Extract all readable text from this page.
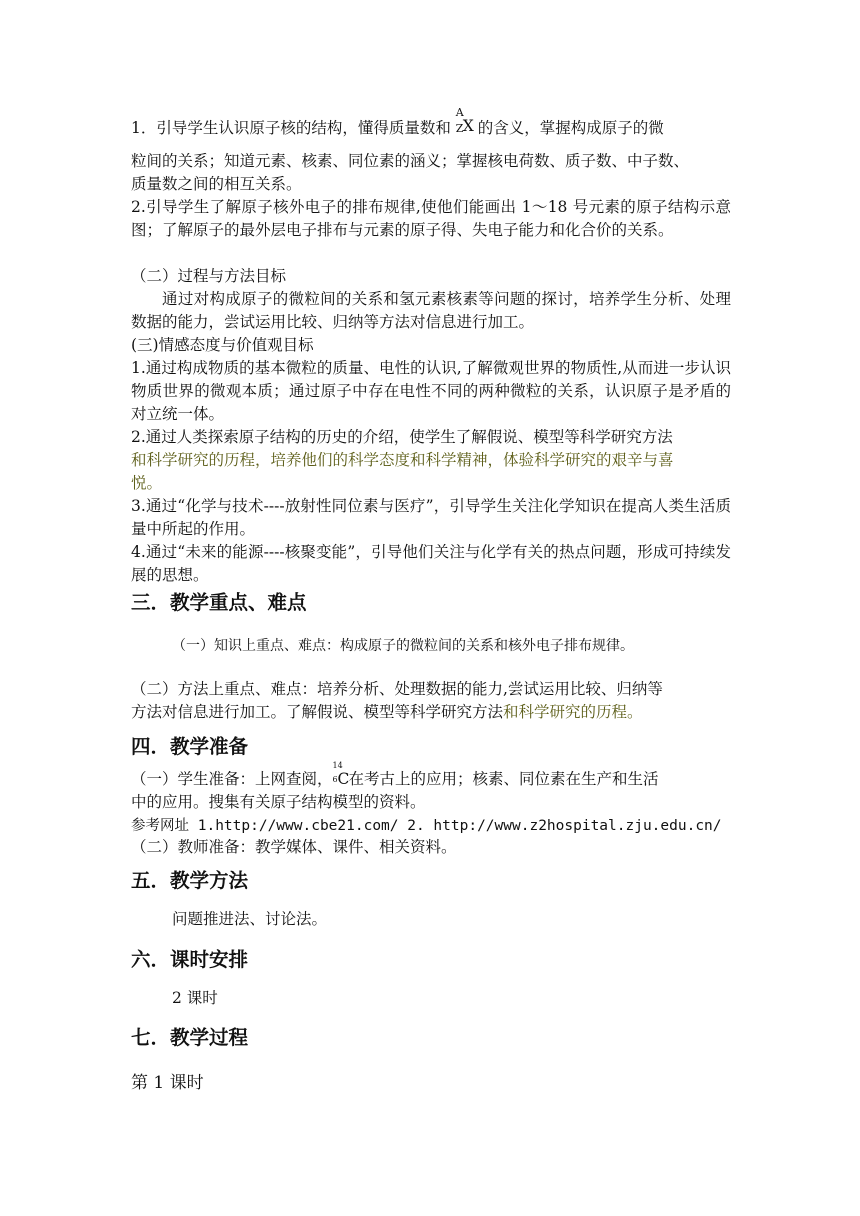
1．引导学生认识原子核的结构，懂得质量数和
A
Z X 的含义，掌握构成原子的微

粒间的关系；知道元素、核素、同位素的涵义；掌握核电荷数、质子数、中子数、

质量数之间的相互关系。

2.引导学生了解原子核外电子的排布规律,使他们能画出 1～18 号元素的原子结构示意图；了解原子的最外层电子排布与元素的原子得、失电子能力和化合价的关系。

（二）过程与方法目标

通过对构成原子的微粒间的关系和氢元素核素等问题的探讨，培养学生分析、处理数据的能力，尝试运用比较、归纳等方法对信息进行加工。

(三)情感态度与价值观目标

1.通过构成物质的基本微粒的质量、电性的认识,了解微观世界的物质性,从而进一步认识物质世界的微观本质；通过原子中存在电性不同的两种微粒的关系，认识原子是矛盾的对立统一体。

2.通过人类探索原子结构的历史的介绍，使学生了解假说、模型等科学研究方法

和科学研究的历程，培养他们的科学态度和科学精神，体验科学研究的艰辛与喜

悦。

3.通过“化学与技术----放射性同位素与医疗”，引导学生关注化学知识在提高人类生活质量中所起的作用。

4.通过“未来的能源----核聚变能”，引导他们关注与化学有关的热点问题，形成可持续发展的思想。

三．教学重点、难点

（一）知识上重点、难点：构成原子的微粒间的关系和核外电子排布规律。

（二）方法上重点、难点：培养分析、处理数据的能力,尝试运用比较、归纳等

方法对信息进行加工。了解假说、模型等科学研究方法和科学研究的历程。

四．教学准备

（一）学生准备：上网查阅，
14
6 C在考古上的应用；核素、同位素在生产和生活

中的应用。搜集有关原子结构模型的资料。

参考网址 1.http://www.cbe21.com/ 2. http://www.z2hospital.zju.edu.cn/

（二）教师准备：教学媒体、课件、相关资料。

五．教学方法

问题推进法、讨论法。

六．课时安排

2 课时

七．教学过程

第 1 课时
